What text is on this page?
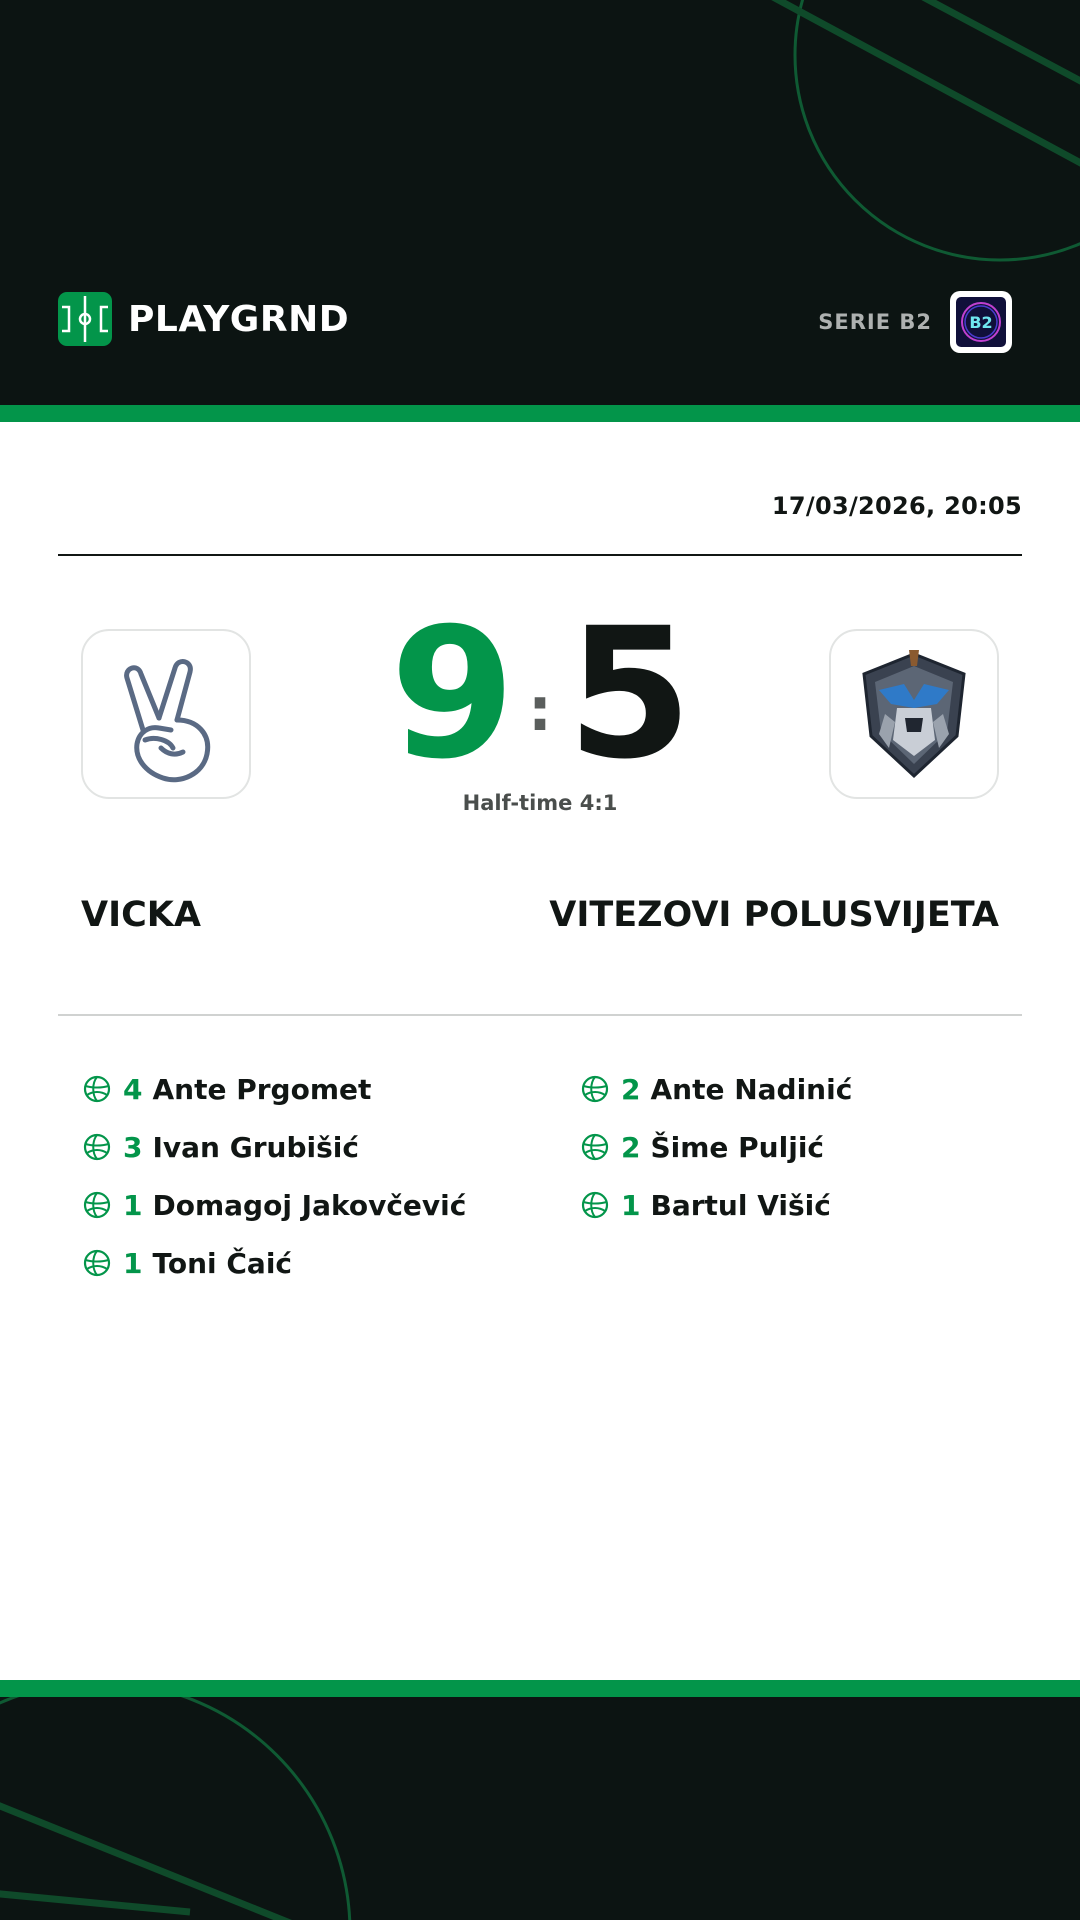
PLAYGRND	SERIE B2 B2
17/03/2026, 20:05
9 : 5
Half-time 4:1
VICKA	VITEZOVI POLUSVIJETA
4 Ante Prgomet
3 Ivan Grubišić
1 Domagoj Jakovčević
1 Toni Čaić
2 Ante Nadinić
2 Šime Puljić
1 Bartul Višić
